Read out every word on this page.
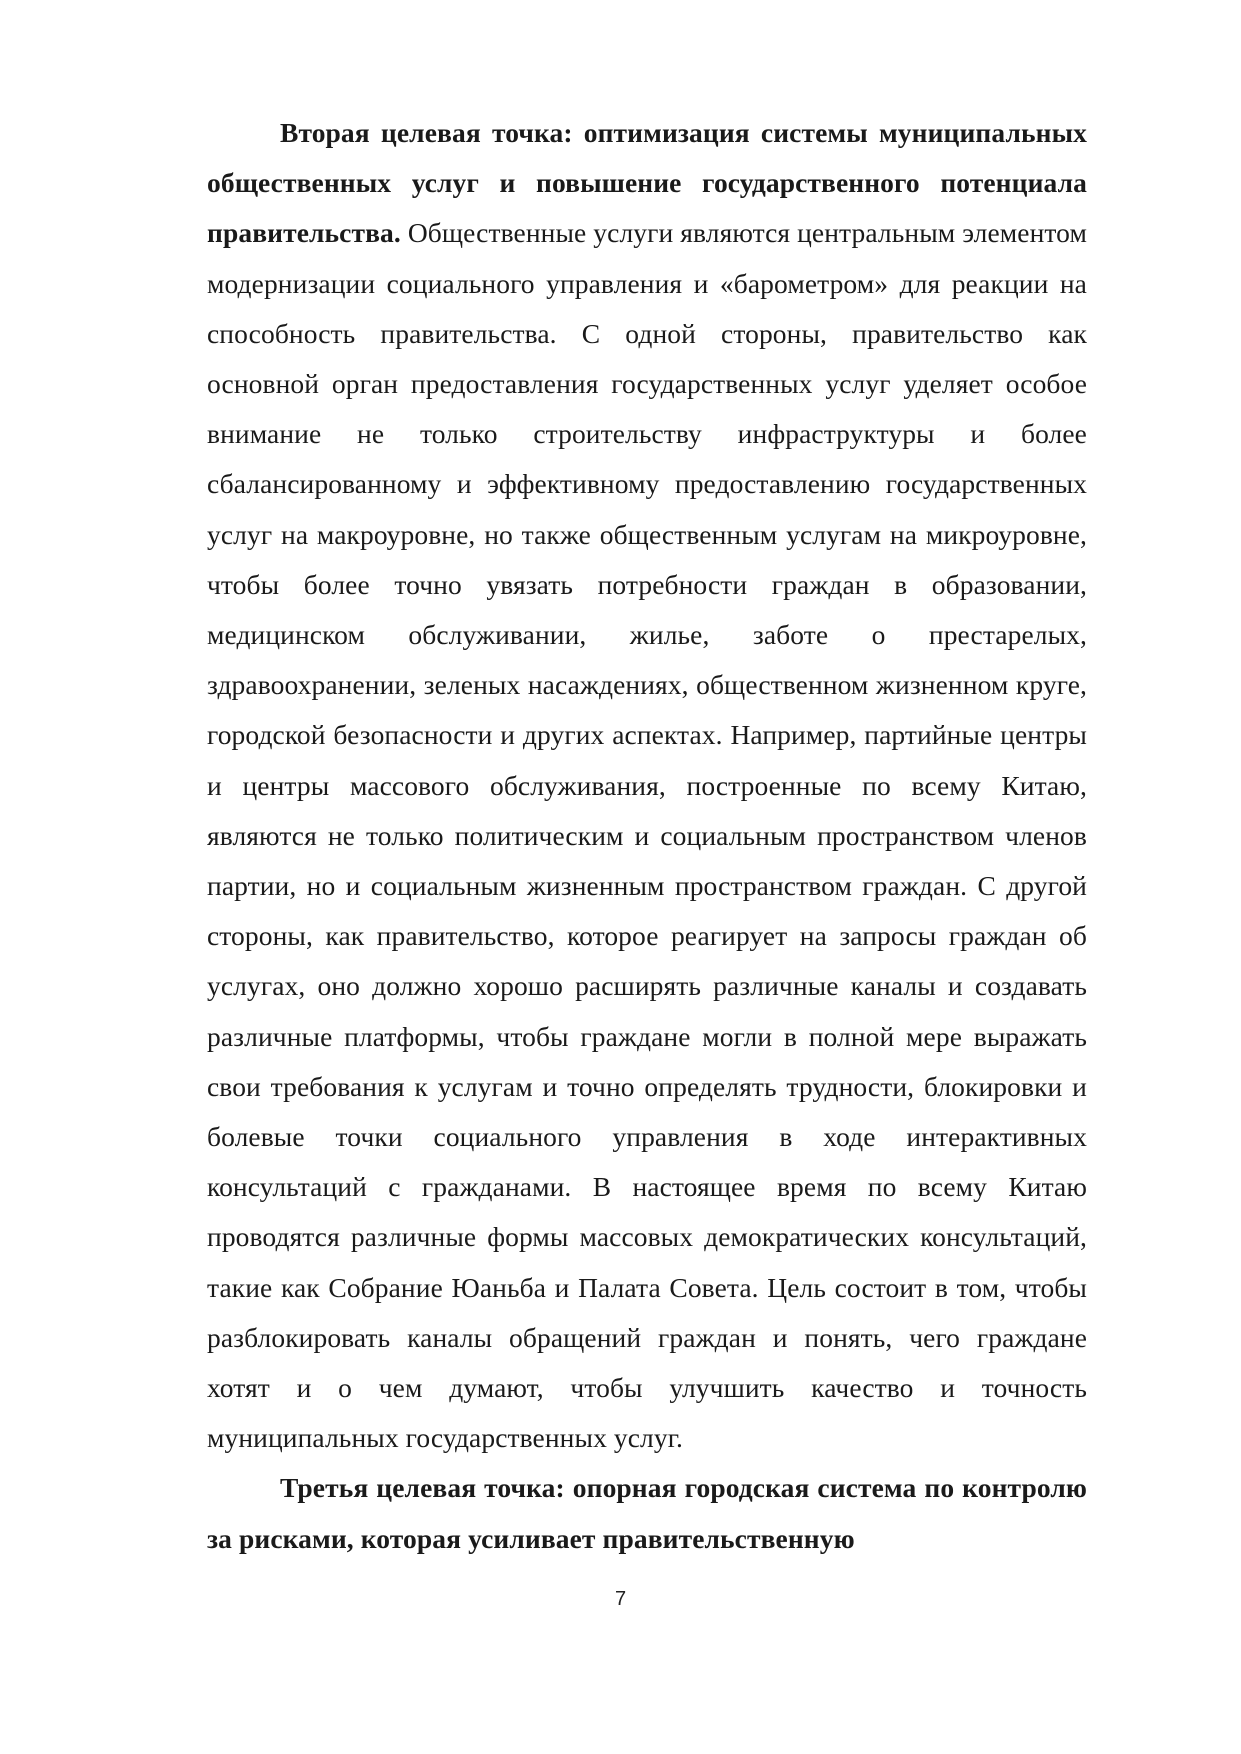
Вторая целевая точка: оптимизация системы муниципальных общественных услуг и повышение государственного потенциала правительства. Общественные услуги являются центральным элементом модернизации социального управления и «барометром» для реакции на способность правительства. С одной стороны, правительство как основной орган предоставления государственных услуг уделяет особое внимание не только строительству инфраструктуры и более сбалансированному и эффективному предоставлению государственных услуг на макроуровне, но также общественным услугам на микроуровне, чтобы более точно увязать потребности граждан в образовании, медицинском обслуживании, жилье, заботе о престарелых, здравоохранении, зеленых насаждениях, общественном жизненном круге, городской безопасности и других аспектах. Например, партийные центры и центры массового обслуживания, построенные по всему Китаю, являются не только политическим и социальным пространством членов партии, но и социальным жизненным пространством граждан. С другой стороны, как правительство, которое реагирует на запросы граждан об услугах, оно должно хорошо расширять различные каналы и создавать различные платформы, чтобы граждане могли в полной мере выражать свои требования к услугам и точно определять трудности, блокировки и болевые точки социального управления в ходе интерактивных консультаций с гражданами. В настоящее время по всему Китаю проводятся различные формы массовых демократических консультаций, такие как Собрание Юаньба и Палата Совета. Цель состоит в том, чтобы разблокировать каналы обращений граждан и понять, чего граждане хотят и о чем думают, чтобы улучшить качество и точность муниципальных государственных услуг.

Третья целевая точка: опорная городская система по контролю за рисками, которая усиливает правительственную

7
